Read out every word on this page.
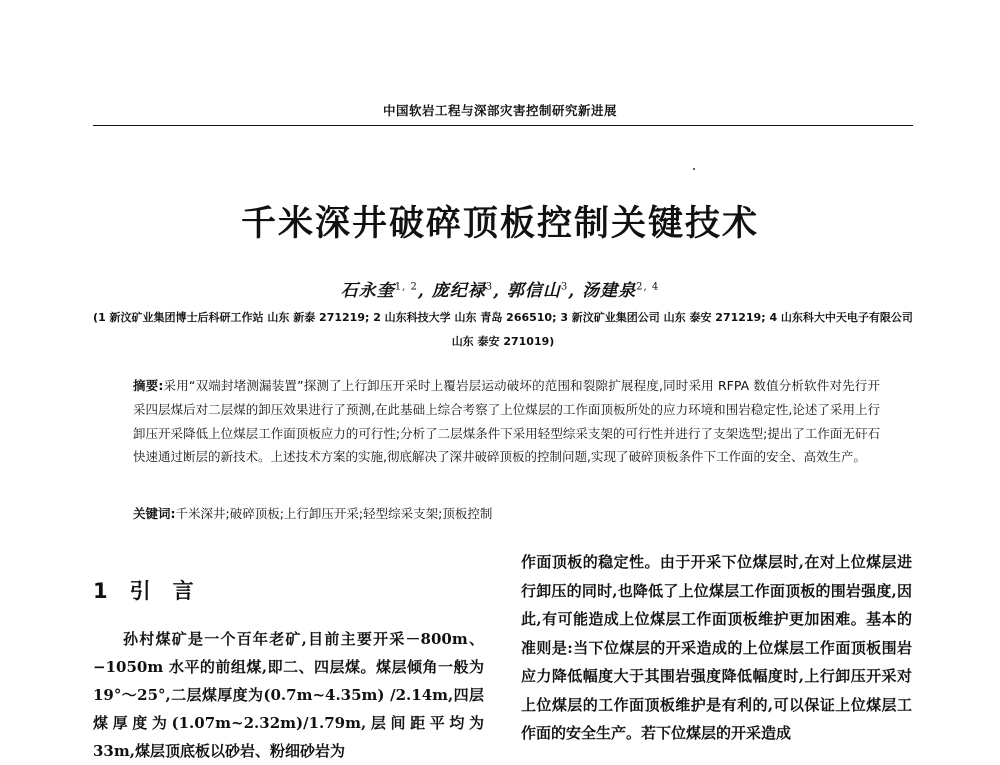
中国软岩工程与深部灾害控制研究新进展
千米深井破碎顶板控制关键技术
石永奎$^{1, 2}$, 庞纪禄$^3$, 郭信山$^3$, 汤建泉$^{2, 4}$
(1 新汶矿业集团博士后科研工作站 山东 新泰 271219; 2 山东科技大学 山东 青岛 266510; 3 新汶矿业集团公司 山东 泰安 271219; 4 山东科大中天电子有限公司 山东 泰安 271019)
摘要:采用“双端封堵测漏装置”探测了上行卸压开采时上覆岩层运动破坏的范围和裂隙扩展程度,同时采用 RFPA 数值分析软件对先行开采四层煤后对二层煤的卸压效果进行了预测,在此基础上综合考察了上位煤层的工作面顶板所处的应力环境和围岩稳定性,论述了采用上行卸压开采降低上位煤层工作面顶板应力的可行性;分析了二层煤条件下采用轻型综采支架的可行性并进行了支架选型;提出了工作面无矸石快速通过断层的新技术。上述技术方案的实施,彻底解决了深井破碎顶板的控制问题,实现了破碎顶板条件下工作面的安全、高效生产。
关键词:千米深井;破碎顶板;上行卸压开采;轻型综采支架;顶板控制
1 引言
孙村煤矿是一个百年老矿,目前主要开采－800m、−1050m 水平的前组煤,即二、四层煤。煤层倾角一般为 19°～25°,二层煤厚度为(0.7m~4.35m) /2.14m,四层煤厚度为(1.07m~2.32m)/1.79m,层间距平均为 33m,煤层顶底板以砂岩、粉细砂岩为
作面顶板的稳定性。由于开采下位煤层时,在对上位煤层进行卸压的同时,也降低了上位煤层工作面顶板的围岩强度,因此,有可能造成上位煤层工作面顶板维护更加困难。基本的准则是:当下位煤层的开采造成的上位煤层工作面顶板围岩应力降低幅度大于其围岩强度降低幅度时,上行卸压开采对上位煤层的工作面顶板维护是有利的,可以保证上位煤层工作面的安全生产。若下位煤层的开采造成
